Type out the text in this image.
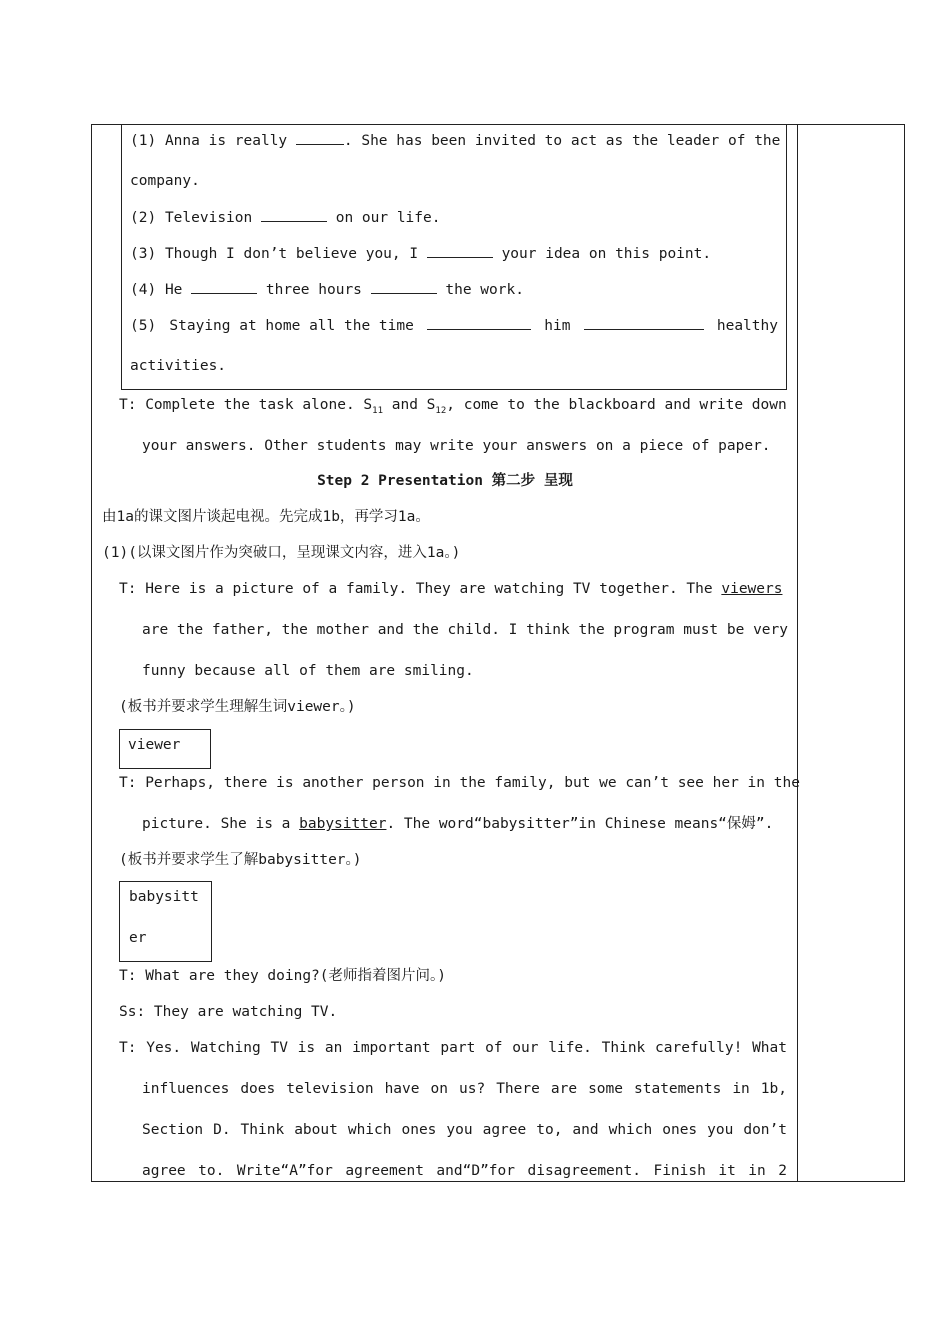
(1) Anna is really	. She has been invited to act as the leader of the
company.
(2) Television	on our life.
(3) Though I don’t believe you, I	your idea on this point.
(4) He	three hours	the work.
(5) Staying at home all the time	him	healthy
activities.
T: Complete the task alone. $S_{11}$ and $S_{12}$, come to the blackboard and write down
your answers. Other students may write your answers on a piece of paper.
Step 2 Presentation 第二步 呈现
由1a的课文图片谈起电视。先完成1b，再学习1a。
(1)(以课文图片作为突破口，呈现课文内容，进入1a。)
T: Here is a picture of a family. They are watching TV together. The viewers
are the father, the mother and the child. I think the program must be very
funny because all of them are smiling.
(板书并要求学生理解生词viewer。)
viewer
T: Perhaps, there is another person in the family, but we can’t see her in the
picture. She is a babysitter. The word“babysitter”in Chinese means“保姆”.
(板书并要求学生了解babysitter。)
babysitt
er
T: What are they doing?(老师指着图片问。)
Ss: They are watching TV.
T: Yes. Watching TV is an important part of our life. Think carefully! What
influences does television have on us? There are some statements in 1b,
Section D. Think about which ones you agree to, and which ones you don’t
agree to. Write“A”for agreement and“D”for disagreement. Finish it in 2
